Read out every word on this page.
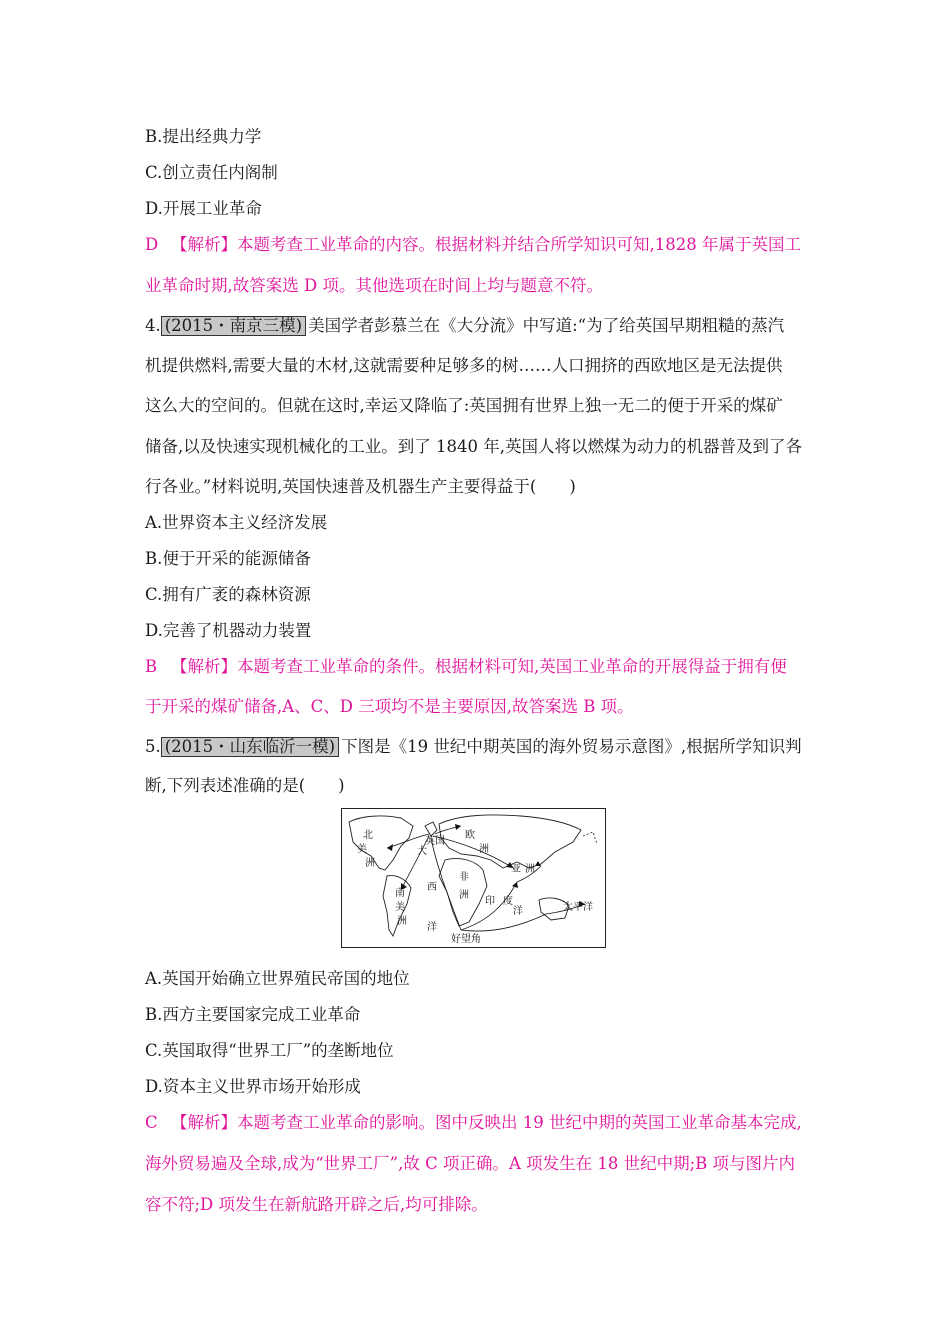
B.提出经典力学
C.创立责任内阁制
D.开展工业革命
D 【解析】本题考查工业革命的内容。根据材料并结合所学知识可知,1828 年属于英国工
业革命时期,故答案选 D 项。其他选项在时间上均与题意不符。
4. (2015・南京三模) 美国学者彭慕兰在《大分流》中写道:“为了给英国早期粗糙的蒸汽
机提供燃料,需要大量的木材,这就需要种足够多的树……人口拥挤的西欧地区是无法提供
这么大的空间的。但就在这时,幸运又降临了:英国拥有世界上独一无二的便于开采的煤矿
储备,以及快速实现机械化的工业。到了 1840 年,英国人将以燃煤为动力的机器普及到了各
行各业。”材料说明,英国快速普及机器生产主要得益于(　　)
A.世界资本主义经济发展
B.便于开采的能源储备
C.拥有广袤的森林资源
D.完善了机器动力装置
B 【解析】本题考查工业革命的条件。根据材料可知,英国工业革命的开展得益于拥有便
于开采的煤矿储备,A、C、D 三项均不是主要原因,故答案选 B 项。
5. (2015・山东临沂一模) 下图是《19 世纪中期英国的海外贸易示意图》,根据所学知识判
断,下列表述准确的是(　　)
北
美
洲
英国
欧
洲
大
西
洋
南
美
洲
非
洲
亚 洲
印 度
洋	太平洋
好望角
A.英国开始确立世界殖民帝国的地位
B.西方主要国家完成工业革命
C.英国取得“世界工厂”的垄断地位
D.资本主义世界市场开始形成
C 【解析】本题考查工业革命的影响。图中反映出 19 世纪中期的英国工业革命基本完成,
海外贸易遍及全球,成为“世界工厂”,故 C 项正确。A 项发生在 18 世纪中期;B 项与图片内
容不符;D 项发生在新航路开辟之后,均可排除。
